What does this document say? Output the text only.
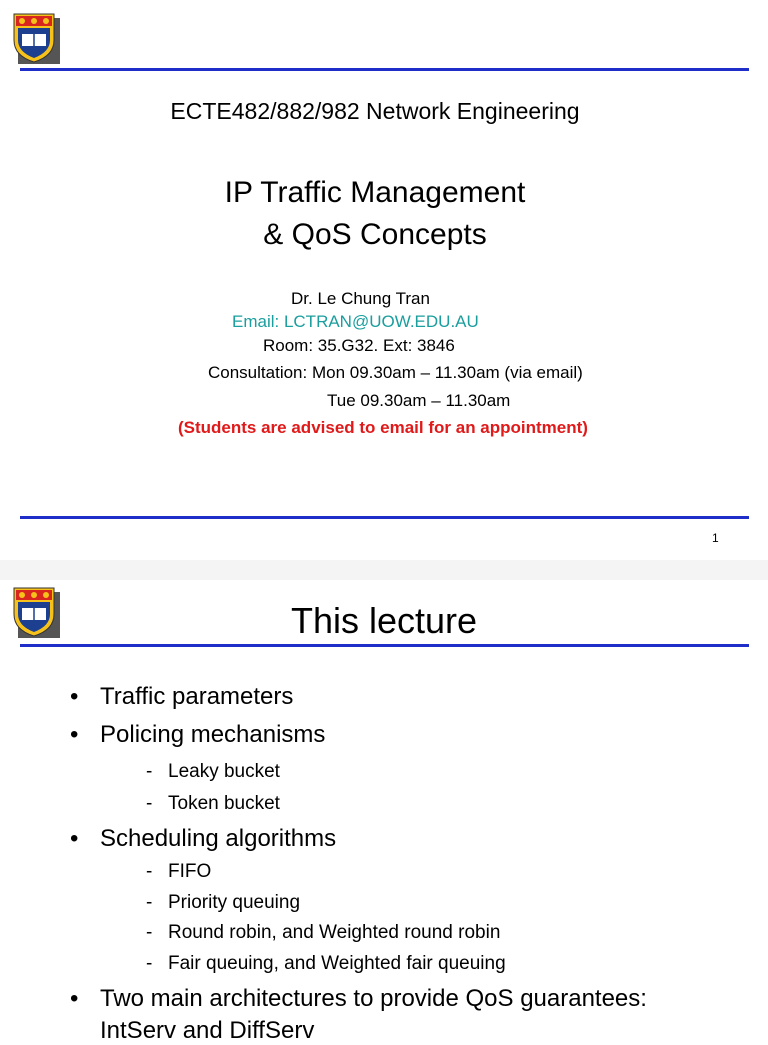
ECTE482/882/982 Network Engineering
IP Traffic Management
& QoS Concepts
Dr. Le Chung Tran
Email: LCTRAN@UOW.EDU.AU
Room: 35.G32. Ext: 3846
Consultation: Mon 09.30am – 11.30am (via email)
Tue 09.30am – 11.30am
(Students are advised to email for an appointment)
1
This lecture
• Traffic parameters
• Policing mechanisms
- Leaky bucket
- Token bucket
• Scheduling algorithms
- FIFO
- Priority queuing
- Round robin, and Weighted round robin
- Fair queuing, and Weighted fair queuing
• Two main architectures to provide QoS guarantees:
IntServ and DiffServ
